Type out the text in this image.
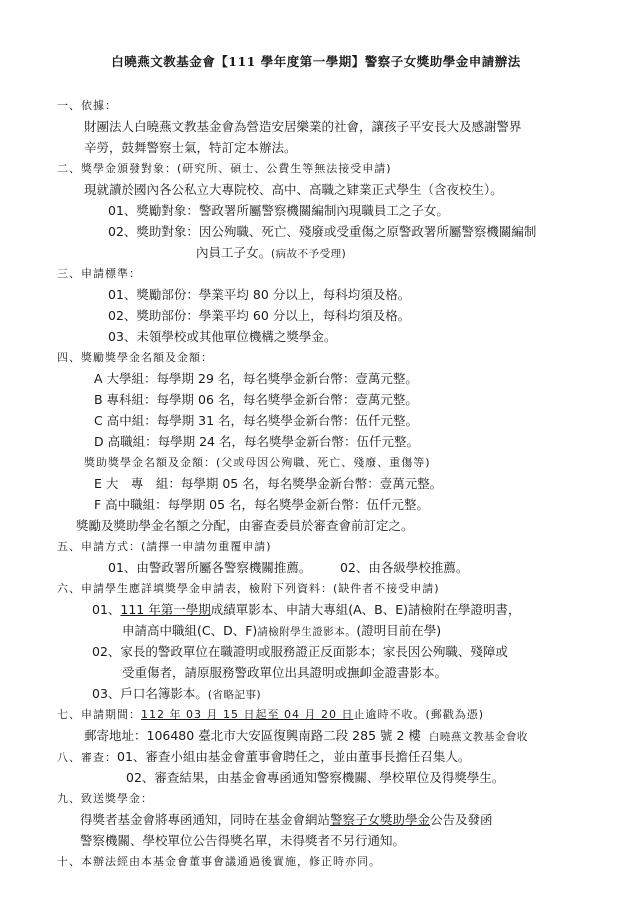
白曉燕文教基金會【111 學年度第一學期】警察子女獎助學金申請辦法
一、依據：
財團法人白曉燕文教基金會為營造安居樂業的社會，讓孩子平安長大及感謝警界
辛勞，鼓舞警察士氣，特訂定本辦法。
二、獎學金頒發對象：(研究所、碩士、公費生等無法接受申請)
現就讀於國內各公私立大專院校、高中、高職之肄業正式學生（含夜校生）。
01、獎勵對象：警政署所屬警察機關編制內現職員工之子女。
02、獎助對象：因公殉職、死亡、殘廢或受重傷之原警政署所屬警察機關編制
內員工子女。(病故不予受理)
三、申請標準：
01、獎勵部份：學業平均 80 分以上，每科均須及格。
02、獎助部份：學業平均 60 分以上，每科均須及格。
03、未領學校或其他單位機構之獎學金。
四、獎勵獎學金名額及金額：
A 大學組：每學期 29 名，每名獎學金新台幣：壹萬元整。
B 專科組：每學期 06 名，每名獎學金新台幣：壹萬元整。
C 高中組：每學期 31 名，每名獎學金新台幣：伍仟元整。
D 高職組：每學期 24 名，每名獎學金新台幣：伍仟元整。
獎助獎學金名額及金額：(父或母因公殉職、死亡、殘廢、重傷等)
E 大　專　組：每學期 05 名，每名獎學金新台幣：壹萬元整。
F 高中職組：每學期 05 名，每名獎學金新台幣：伍仟元整。
獎勵及獎助學金名額之分配，由審查委員於審查會前訂定之。
五、申請方式：(請擇一申請勿重覆申請)
01、由警政署所屬各警察機關推薦。 02、由各級學校推薦。
六、申請學生應詳填獎學金申請表，檢附下列資料：(缺件者不接受申請)
01、111 年第一學期成績單影本、申請大專組(A、B、E)請檢附在學證明書，
申請高中職組(C、D、F)請檢附學生證影本。(證明目前在學)
02、家長的警政單位在職證明或服務證正反面影本；家長因公殉職、殘障或
受重傷者，請原服務警政單位出具證明或撫卹金證書影本。
03、戶口名簿影本。(省略記事)
七、申請期間：112 年 03 月 15 日起至 04 月 20 日止逾時不收。(郵戳為憑)
郵寄地址：106480 臺北市大安區復興南路二段 285 號 2 樓 白曉燕文教基金會收
八、審查：01、審查小組由基金會董事會聘任之，並由董事長擔任召集人。
02、審查結果，由基金會專函通知警察機關、學校單位及得獎學生。
九、致送獎學金：
得獎者基金會將專函通知，同時在基金會網站警察子女獎助學金公告及發函
警察機關、學校單位公告得獎名單，未得獎者不另行通知。
十、本辦法經由本基金會董事會議通過後實施，修正時亦同。
